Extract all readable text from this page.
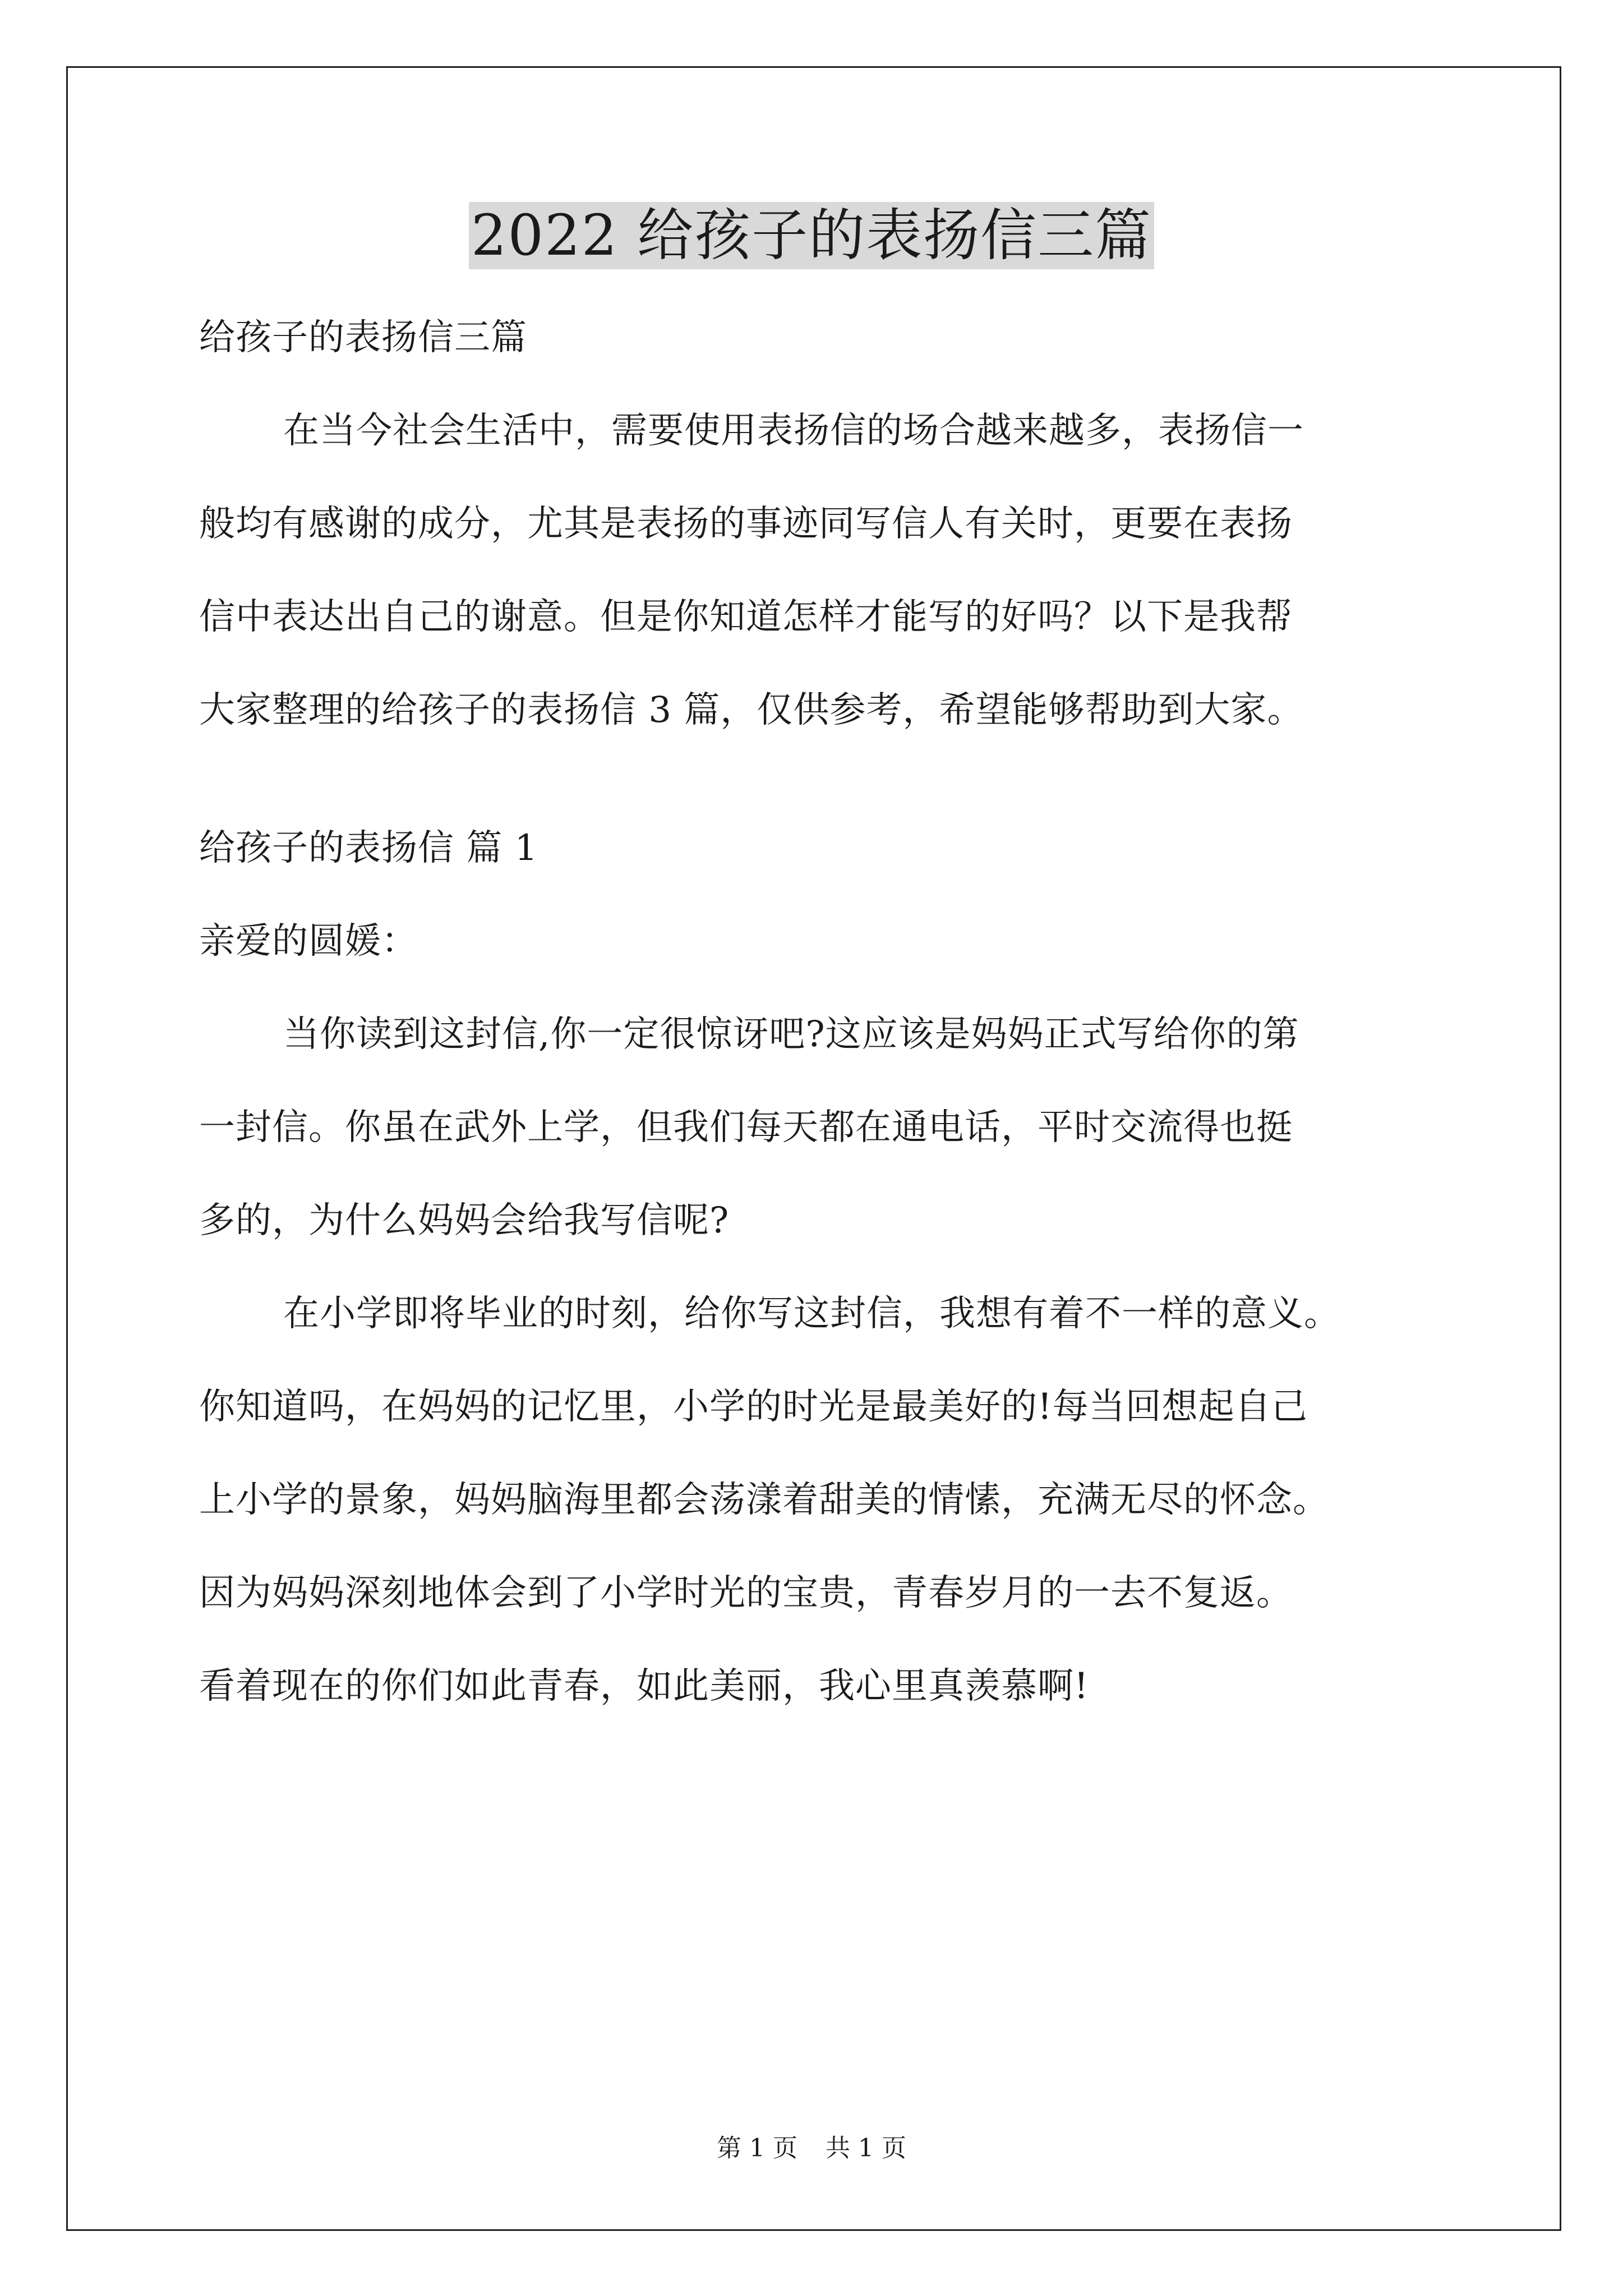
2022 给孩子的表扬信三篇
给孩子的表扬信三篇
在当今社会生活中，需要使用表扬信的场合越来越多，表扬信一
般均有感谢的成分，尤其是表扬的事迹同写信人有关时，更要在表扬
信中表达出自己的谢意。但是你知道怎样才能写的好吗？以下是我帮
大家整理的给孩子的表扬信 3 篇，仅供参考，希望能够帮助到大家。
给孩子的表扬信 篇 1
亲爱的圆媛：
当你读到这封信,你一定很惊讶吧?这应该是妈妈正式写给你的第
一封信。你虽在武外上学，但我们每天都在通电话，平时交流得也挺
多的，为什么妈妈会给我写信呢?
在小学即将毕业的时刻，给你写这封信，我想有着不一样的意义。
你知道吗，在妈妈的记忆里，小学的时光是最美好的!每当回想起自己
上小学的景象，妈妈脑海里都会荡漾着甜美的情愫，充满无尽的怀念。
因为妈妈深刻地体会到了小学时光的宝贵，青春岁月的一去不复返。
看着现在的你们如此青春，如此美丽，我心里真羡慕啊!
第 1 页 共 1 页
